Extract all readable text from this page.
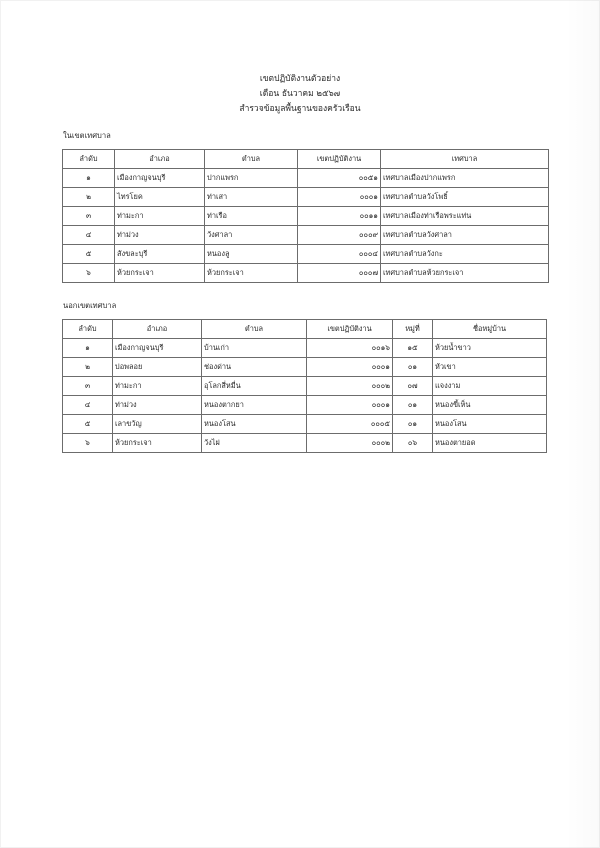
เขตปฏิบัติงานตัวอย่าง
เดือน ธันวาคม ๒๕๖๗
สำรวจข้อมูลพื้นฐานของครัวเรือน
ในเขตเทศบาล
ลำดับ	อำเภอ	ตำบล	เขตปฏิบัติงาน	เทศบาล
๑	เมืองกาญจนบุรี	ปากแพรก	๐๐๕๑	เทศบาลเมืองปากแพรก
๒	ไทรโยค	ท่าเสา	๐๐๐๑	เทศบาลตำบลวังโพธิ์
๓	ท่ามะกา	ท่าเรือ	๐๐๑๑	เทศบาลเมืองท่าเรือพระแท่น
๔	ท่าม่วง	วังศาลา	๐๐๐๙	เทศบาลตำบลวังศาลา
๕	สังขละบุรี	หนองลู	๐๐๐๔	เทศบาลตำบลวังกะ
๖	ห้วยกระเจา	ห้วยกระเจา	๐๐๐๗	เทศบาลตำบลห้วยกระเจา
นอกเขตเทศบาล
ลำดับ	อำเภอ	ตำบล	เขตปฏิบัติงาน	หมู่ที่	ชื่อหมู่บ้าน
๑	เมืองกาญจนบุรี	บ้านเก่า	๐๐๑๖	๑๕	ห้วยน้ำขาว
๒	บ่อพลอย	ช่องด่าน	๐๐๐๑	๐๑	หัวเขา
๓	ท่ามะกา	อุโลกสี่หมื่น	๐๐๐๒	๐๗	แจงงาม
๔	ท่าม่วง	หนองตากยา	๐๐๐๑	๐๑	หนองขี้เห็น
๕	เลาขวัญ	หนองโสน	๐๐๐๕	๐๑	หนองโสน
๖	ห้วยกระเจา	วังไผ่	๐๐๐๒	๐๖	หนองตายอด
